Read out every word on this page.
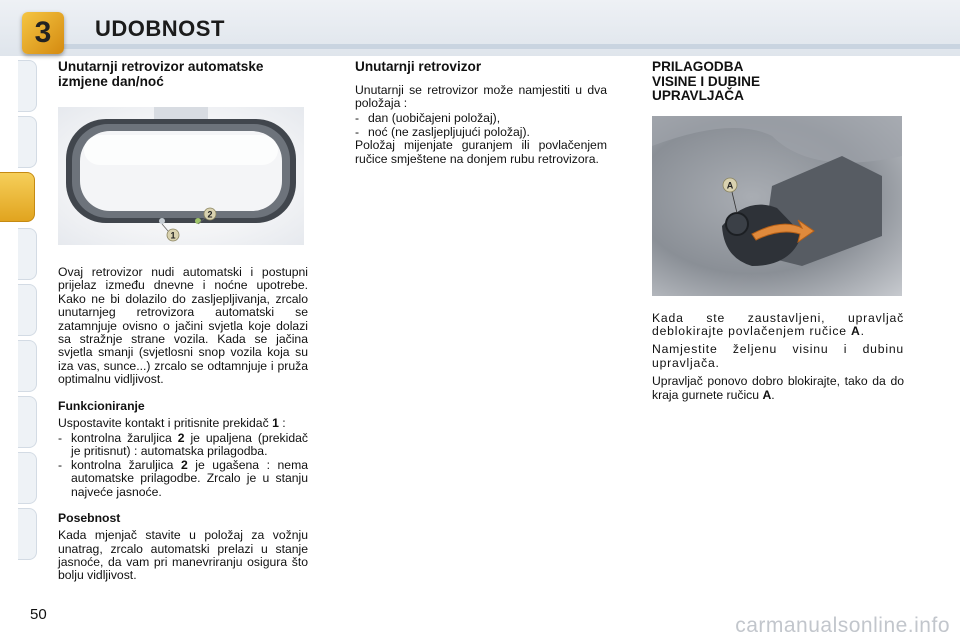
3	UDOBNOST
Unutarnji retrovizor automatske izmjene dan/noć
1
2

Ovaj retrovizor nudi automatski i postupni prijelaz između dnevne i noćne upotrebe. Kako ne bi dolazilo do zasljepljivanja, zrcalo unutarnjeg retrovizora automatski se zatamnjuje ovisno o jačini svjetla koje dolazi sa stražnje strane vozila. Kada se jačina svjetla smanji (svjetlosni snop vozila koja su iza vas, sunce...) zrcalo se odtamnjuje i pruža optimalnu vidljivost.

Funkcioniranje

Uspostavite kontakt i pritisnite prekidač 1 :

- kontrolna žaruljica 2 je upaljena (prekidač je pritisnut) : automatska prilagodba.
- kontrolna žaruljica 2 je ugašena : nema automatske prilagodbe. Zrcalo je u stanju najveće jasnoće.
Posebnost

Kada mjenjač stavite u položaj za vožnju unatrag, zrcalo automatski prelazi u stanje jasnoće, da vam pri manevriranju osigura što bolju vidljivost.

Unutarnji retrovizor

Unutarnji se retrovizor može namjestiti u dva položaja :

- dan (uobičajeni položaj),
- noć (ne zasljepljujući položaj).

Položaj mijenjate guranjem ili povlačenjem ručice smještene na donjem rubu retrovizora.

PRILAGODBA
VISINE I DUBINE
UPRAVLJAČA
A

Kada ste zaustavljeni, upravljač deblokirajte povlačenjem ručice A.

Namjestite željenu visinu i dubinu upravljača.

Upravljač ponovo dobro blokirajte, tako da do kraja gurnete ručicu A.

50	carmanualsonline.info
